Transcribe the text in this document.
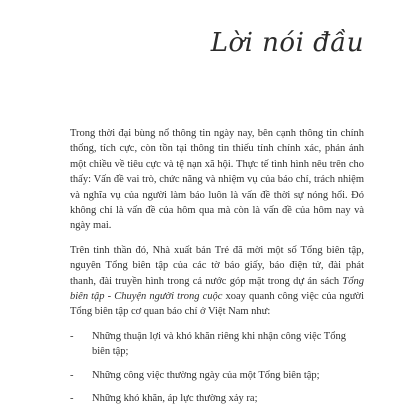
Lời nói đầu

Trong thời đại bùng nổ thông tin ngày nay, bên cạnh thông tin chính thống, tích cực, còn tồn tại thông tin thiếu tính chính xác, phản ánh một chiều về tiêu cực và tệ nạn xã hội. Thực tế tình hình nêu trên cho thấy: Vấn đề vai trò, chức năng và nhiệm vụ của báo chí, trách nhiệm và nghĩa vụ của người làm báo luôn là vấn đề thời sự nóng hổi. Đó không chỉ là vấn đề của hôm qua mà còn là vấn đề của hôm nay và ngày mai.

Trên tinh thần đó, Nhà xuất bản Trẻ đã mời một số Tổng biên tập, nguyên Tổng biên tập của các tờ báo giấy, báo điện tử, đài phát thanh, đài truyền hình trong cả nước góp mặt trong dự án sách Tổng biên tập - Chuyện người trong cuộc xoay quanh công việc của người Tổng biên tập cơ quan báo chí ở Việt Nam như:

- Những thuận lợi và khó khăn riêng khi nhận công việc Tổng biên tập;
- Những công việc thường ngày của một Tổng biên tập;
- Những khó khăn, áp lực thường xảy ra;
